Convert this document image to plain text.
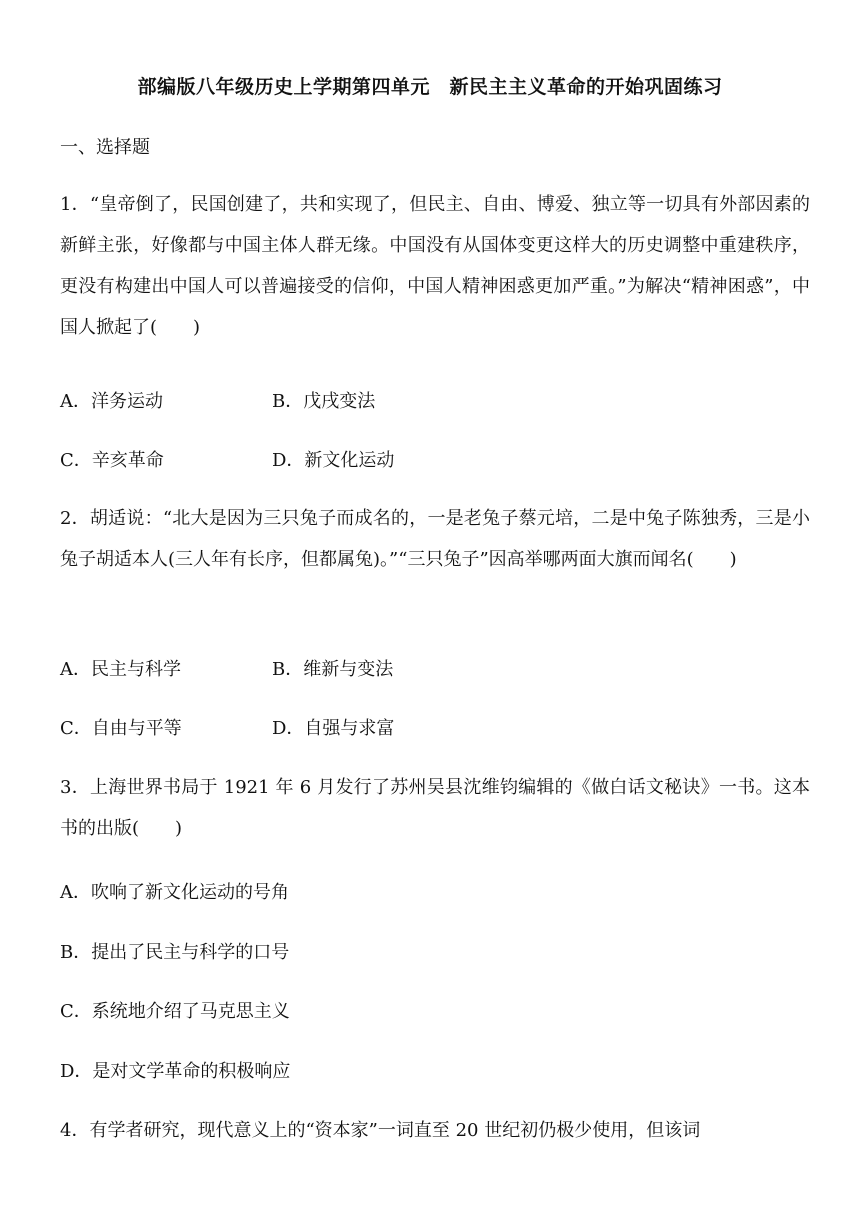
部编版八年级历史上学期第四单元　新民主主义革命的开始巩固练习
一、选择题
1．“皇帝倒了，民国创建了，共和实现了，但民主、自由、博爱、独立等一切具有外部因素的新鲜主张，好像都与中国主体人群无缘。中国没有从国体变更这样大的历史调整中重建秩序，更没有构建出中国人可以普遍接受的信仰，中国人精神困惑更加严重。”为解决“精神困惑”，中国人掀起了(　　)
A．洋务运动	B．戊戌变法
C．辛亥革命	D．新文化运动
2．胡适说：“北大是因为三只兔子而成名的，一是老兔子蔡元培，二是中兔子陈独秀，三是小兔子胡适本人(三人年有长序，但都属兔)。”“三只兔子”因高举哪两面大旗而闻名(　　)
A．民主与科学	B．维新与变法
C．自由与平等	D．自强与求富
3．上海世界书局于 1921 年 6 月发行了苏州吴县沈维钧编辑的《做白话文秘诀》一书。这本书的出版(　　)
A．吹响了新文化运动的号角
B．提出了民主与科学的口号
C．系统地介绍了马克思主义
D．是对文学革命的积极响应
4．有学者研究，现代意义上的“资本家”一词直至 20 世纪初仍极少使用，但该词
